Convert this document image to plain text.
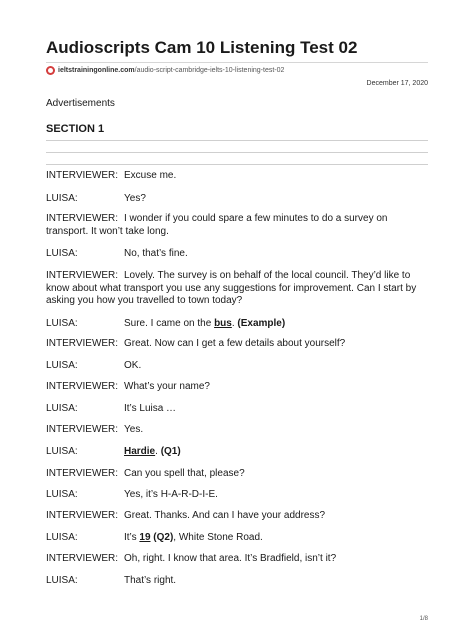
Audioscripts Cam 10 Listening Test 02
ieltstrainingonline.com /audio-script-cambridge-ielts-10-listening-test-02
December 17, 2020
Advertisements
SECTION 1
INTERVIEWER: Excuse me.
LUISA:	Yes?
INTERVIEWER: I wonder if you could spare a few minutes to do a survey on transport. It won’t take long.
LUISA:	No, that’s fine.
INTERVIEWER: Lovely. The survey is on behalf of the local council. They’d like to know about what transport you use any suggestions for improvement. Can I start by asking you how you travelled to town today?
LUISA:	Sure. I came on the bus. (Example)
INTERVIEWER: Great. Now can I get a few details about yourself?
LUISA:	OK.
INTERVIEWER: What’s your name?
LUISA:	It’s Luisa …
INTERVIEWER: Yes.
LUISA:	Hardie. (Q1)
INTERVIEWER: Can you spell that, please?
LUISA:	Yes, it’s H-A-R-D-I-E.
INTERVIEWER: Great. Thanks. And can I have your address?
LUISA:	It’s 19 (Q2), White Stone Road.
INTERVIEWER: Oh, right. I know that area. It’s Bradfield, isn’t it?
LUISA:	That’s right.
1/8
